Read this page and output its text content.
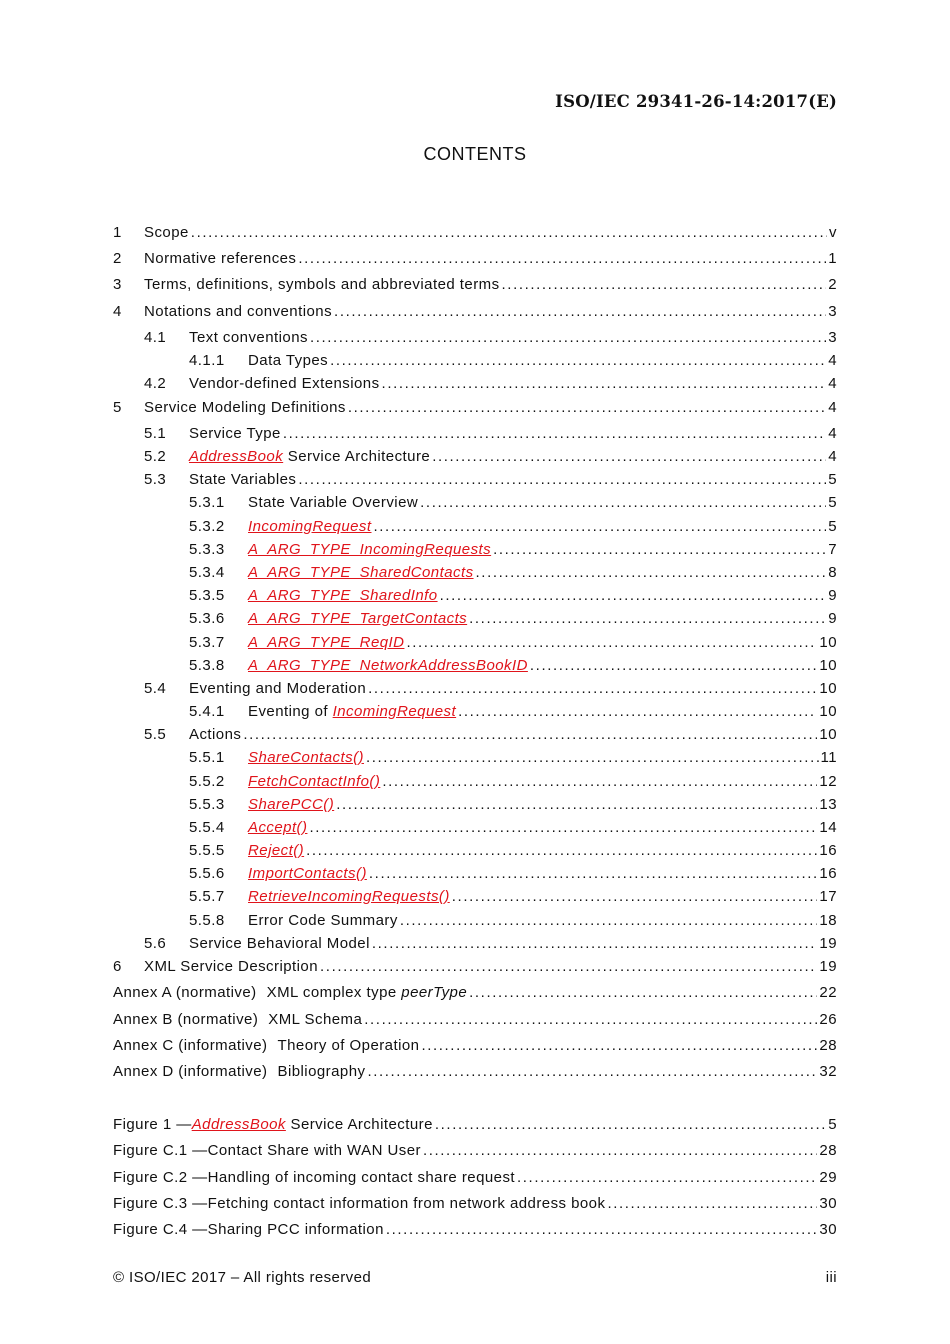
ISO/IEC 29341-26-14:2017(E)
CONTENTS
1	Scope .....	v
2	Normative references .....	1
3	Terms, definitions, symbols and abbreviated terms .....	2
4	Notations and conventions .....	3
4.1	Text conventions .....	3
4.1.1	Data Types .....	4
4.2	Vendor-defined Extensions .....	4
5	Service Modeling Definitions .....	4
5.1	Service Type .....	4
5.2	AddressBook Service Architecture .....	4
5.3	State Variables .....	5
5.3.1	State Variable Overview .....	5
5.3.2	IncomingRequest .....	5
5.3.3	A_ARG_TYPE_IncomingRequests .....	7
5.3.4	A_ARG_TYPE_SharedContacts .....	8
5.3.5	A_ARG_TYPE_SharedInfo .....	9
5.3.6	A_ARG_TYPE_TargetContacts .....	9
5.3.7	A_ARG_TYPE_ReqID .....	10
5.3.8	A_ARG_TYPE_NetworkAddressBookID .....	10
5.4	Eventing and Moderation .....	10
5.4.1	Eventing of IncomingRequest .....	10
5.5	Actions .....	10
5.5.1	ShareContacts() .....	11
5.5.2	FetchContactInfo() .....	12
5.5.3	SharePCC() .....	13
5.5.4	Accept() .....	14
5.5.5	Reject() .....	16
5.5.6	ImportContacts() .....	16
5.5.7	RetrieveIncomingRequests() .....	17
5.5.8	Error Code Summary .....	18
5.6	Service Behavioral Model .....	19
6	XML Service Description .....	19
Annex A (normative) XML complex type peerType .....	22
Annex B (normative) XML Schema .....	26
Annex C (informative) Theory of Operation .....	28
Annex D (informative) Bibliography .....	32
Figure 1 — AddressBook Service Architecture .....	5
Figure C.1 — Contact Share with WAN User .....	28
Figure C.2 — Handling of incoming contact share request .....	29
Figure C.3 — Fetching contact information from network address book .....	30
Figure C.4 — Sharing PCC information .....	30
© ISO/IEC 2017 – All rights reserved	iii
